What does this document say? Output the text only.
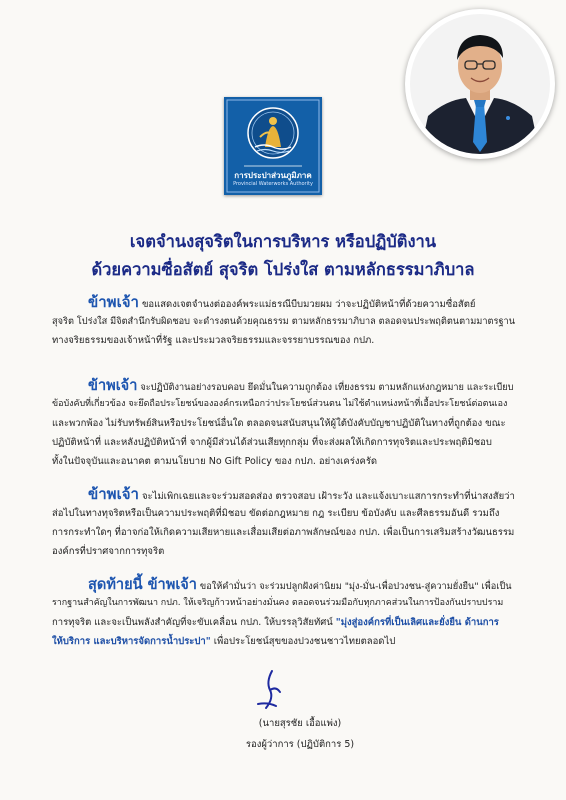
การประปาส่วนภูมิภาค
Provincial Waterworks Authority
เจตจำนงสุจริตในการบริหาร หรือปฏิบัติงาน
ด้วยความซื่อสัตย์ สุจริต โปร่งใส ตามหลักธรรมาภิบาล
ข้าพเจ้า ขอแสดงเจตจำนงต่อองค์พระแม่ธรณีบีบมวยผม ว่าจะปฏิบัติหน้าที่ด้วยความซื่อสัตย์
สุจริต โปร่งใส มีจิตสำนึกรับผิดชอบ จะดำรงตนด้วยคุณธรรม ตามหลักธรรมาภิบาล ตลอดจนประพฤติตนตามมาตรฐาน
ทางจริยธรรมของเจ้าหน้าที่รัฐ และประมวลจริยธรรมและจรรยาบรรณของ กปภ.
ข้าพเจ้า จะปฏิบัติงานอย่างรอบคอบ ยึดมั่นในความถูกต้อง เที่ยงธรรม ตามหลักแห่งกฎหมาย และระเบียบ
ข้อบังคับที่เกี่ยวข้อง จะยึดถือประโยชน์ขององค์กรเหนือกว่าประโยชน์ส่วนตน ไม่ใช้ตำแหน่งหน้าที่เอื้อประโยชน์ต่อตนเอง
และพวกพ้อง ไม่รับทรัพย์สินหรือประโยชน์อื่นใด ตลอดจนสนับสนุนให้ผู้ใต้บังคับบัญชาปฏิบัติในทางที่ถูกต้อง ขณะ
ปฏิบัติหน้าที่ และหลังปฏิบัติหน้าที่ จากผู้มีส่วนได้ส่วนเสียทุกกลุ่ม ที่จะส่งผลให้เกิดการทุจริตและประพฤติมิชอบ
ทั้งในปัจจุบันและอนาคต ตามนโยบาย No Gift Policy ของ กปภ. อย่างเคร่งครัด
ข้าพเจ้า จะไม่เพิกเฉยและจะร่วมสอดส่อง ตรวจสอบ เฝ้าระวัง และแจ้งเบาะแสการกระทำที่น่าสงสัยว่า
ส่อไปในทางทุจริตหรือเป็นความประพฤติที่มิชอบ ขัดต่อกฎหมาย กฎ ระเบียบ ข้อบังคับ และศีลธรรมอันดี รวมถึง
การกระทำใดๆ ที่อาจก่อให้เกิดความเสียหายและเสื่อมเสียต่อภาพลักษณ์ของ กปภ. เพื่อเป็นการเสริมสร้างวัฒนธรรม
องค์กรที่ปราศจากการทุจริต
สุดท้ายนี้ ข้าพเจ้า ขอให้คำมั่นว่า จะร่วมปลูกฝังค่านิยม "มุ่ง-มั่น-เพื่อปวงชน-สู่ความยั่งยืน" เพื่อเป็น
รากฐานสำคัญในการพัฒนา กปภ. ให้เจริญก้าวหน้าอย่างมั่นคง ตลอดจนร่วมมือกับทุกภาคส่วนในการป้องกันปราบปราม
การทุจริต และจะเป็นพลังสำคัญที่จะขับเคลื่อน กปภ. ให้บรรลุวิสัยทัศน์ "มุ่งสู่องค์กรที่เป็นเลิศและยั่งยืน ด้านการ
ให้บริการ และบริหารจัดการน้ำประปา" เพื่อประโยชน์สุขของปวงชนชาวไทยตลอดไป
(นายสุรชัย เอื้อแพ่ง)
รองผู้ว่าการ (ปฏิบัติการ 5)
